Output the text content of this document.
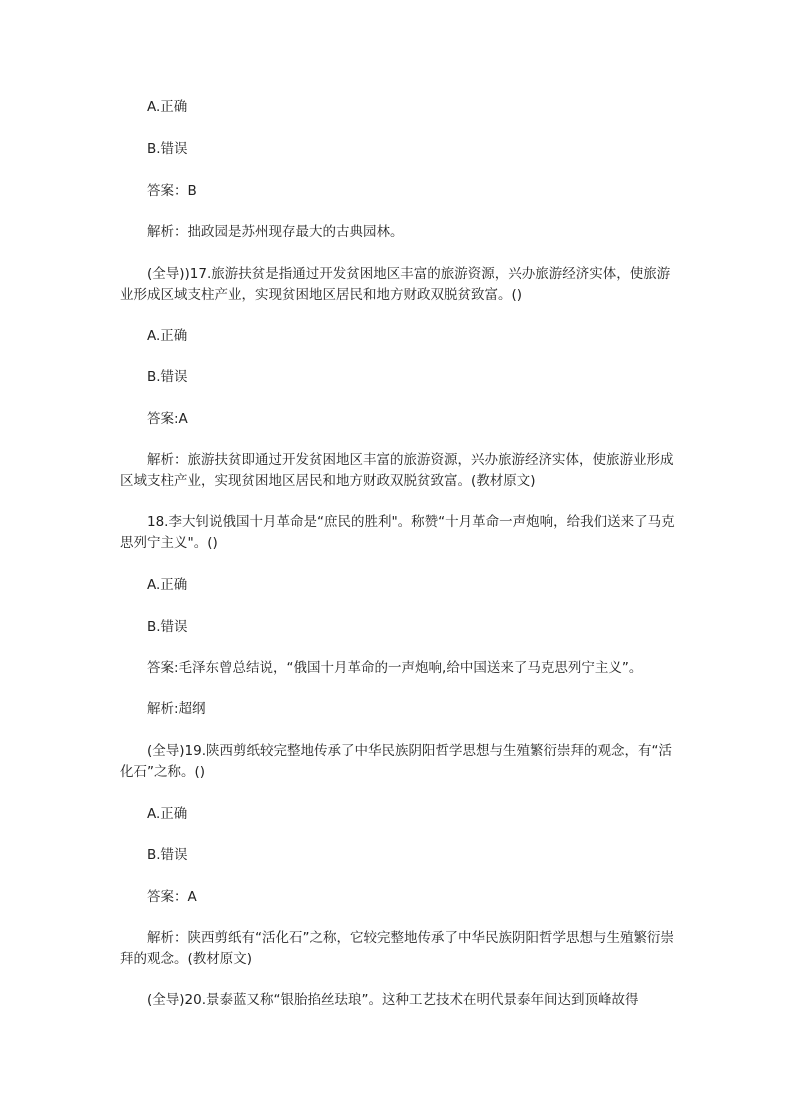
A.正确

B.错误

答案：B

解析：拙政园是苏州现存最大的古典园林。

(全导))17.旅游扶贫是指通过开发贫困地区丰富的旅游资源，兴办旅游经济实体，使旅游业形成区域支柱产业，实现贫困地区居民和地方财政双脱贫致富。()

A.正确

B.错误

答案:A

解析：旅游扶贫即通过开发贫困地区丰富的旅游资源，兴办旅游经济实体，使旅游业形成区域支柱产业，实现贫困地区居民和地方财政双脱贫致富。(教材原文)

18.李大钊说俄国十月革命是“庶民的胜利"。称赞“十月革命一声炮响，给我们送来了马克思列宁主义"。()

A.正确

B.错误

答案:毛泽东曾总结说，“俄国十月革命的一声炮响,给中国送来了马克思列宁主义”。

解析:超纲

(全导)19.陕西剪纸较完整地传承了中华民族阴阳哲学思想与生殖繁衍崇拜的观念，有“活化石”之称。()

A.正确

B.错误

答案：A

解析：陕西剪纸有“活化石”之称，它较完整地传承了中华民族阴阳哲学思想与生殖繁衍崇拜的观念。(教材原文)

(全导)20.景泰蓝又称“银胎掐丝珐琅”。这种工艺技术在明代景泰年间达到顶峰故得
